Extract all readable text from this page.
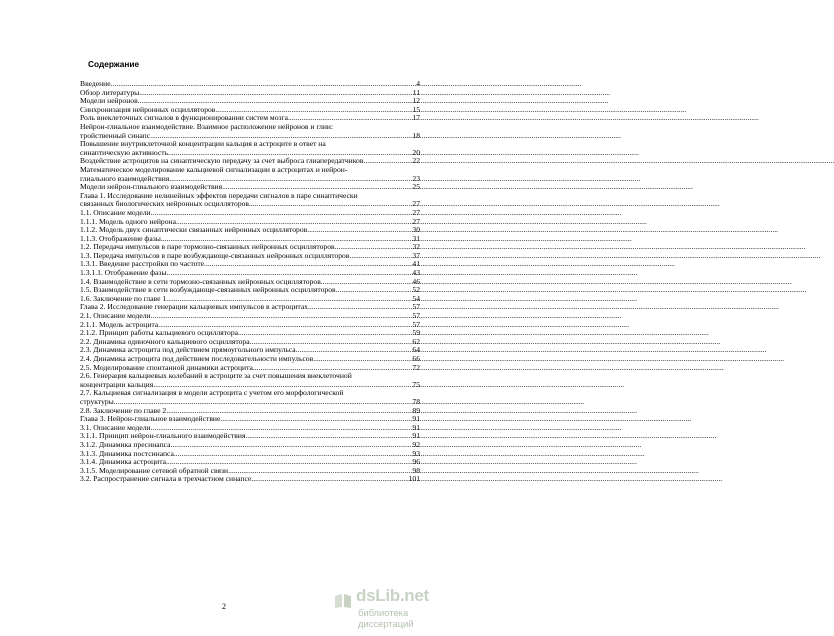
Содержание
Введение .....	4
Обзор литературы .....	11
Модели нейронов .....	12
Синхронизация нейронных осцилляторов .....	15
Роль внеклеточных сигналов в функционировании систем мозга .....	17
Нейрон-глиальное взаимодействие. Взаимное расположение нейронов и глии:
тройственный синапс .....	18
Повышение внутриклеточной концентрации кальция в астроците в ответ на
синаптическую активность .....	20
Воздействие астроцитов на синаптическую передачу за счет выброса глиапередатчиков .....	22
Математическое моделирование кальциевой сигнализации в астроцитах и нейрон-
глиального взаимодействия .....	23
Модели нейрон-глиального взаимодействия .....	25
Глава 1. Исследование нелинейных эффектов передачи сигналов в паре синаптически
связанных биологических нейронных осцилляторов .....	27
1.1. Описание модели .....	27
1.1.1. Модель одного нейрона .....	27
1.1.2. Модель двух синаптически связанных нейронных осцилляторов .....	30
1.1.3. Отображение фазы .....	31
1.2. Передача импульсов в паре тормозно-связанных нейронных осцилляторов .....	32
1.3. Передача импульсов в паре возбуждающе-связанных нейронных осцилляторов .....	37
1.3.1. Введение расстройки по частоте .....	41
1.3.1.1. Отображение фазы .....	43
1.4. Взаимодействие в сети тормозно-связанных нейронных осцилляторов .....	46
1.5. Взаимодействие в сети возбуждающе-связанных нейронных осцилляторов .....	52
1.6. Заключение по главе 1 .....	54
Глава 2. Исследование генерации кальциевых импульсов в астроцитах .....	57
2.1. Описание модели .....	57
2.1.1. Модель астроцита .....	57
2.1.2. Принцип работы кальциевого осциллятора .....	59
2.2. Динамика одиночного кальциевого осциллятора .....	62
2.3. Динамика астроцита под действием прямоугольного импульса .....	64
2.4. Динамика астроцита под действием последовательности импульсов .....	66
2.5. Моделирование спонтанной динамики астроцита .....	72
2.6. Генерация кальциевых колебаний в астроците за счет повышения внеклеточной
концентрации кальция .....	75
2.7. Кальциевая сигнализация в модели астроцита с учетом его морфологической
структуры .....	78
2.8. Заключение по главе 2 .....	89
Глава 3. Нейрон-глиальное взаимодействие .....	91
3.1. Описание модели .....	91
3.1.1. Принцип нейрон-глиального взаимодействия .....	91
3.1.2. Динамика пресинапса .....	92
3.1.3. Динамика постсинапса .....	93
3.1.4. Динамика астроцита .....	96
3.1.5. Моделирование сетевой обратной связи .....	98
3.2. Распространение сигнала в трехчастном синапсе .....	101
2
dsLib.net
библиотека диссертаций
